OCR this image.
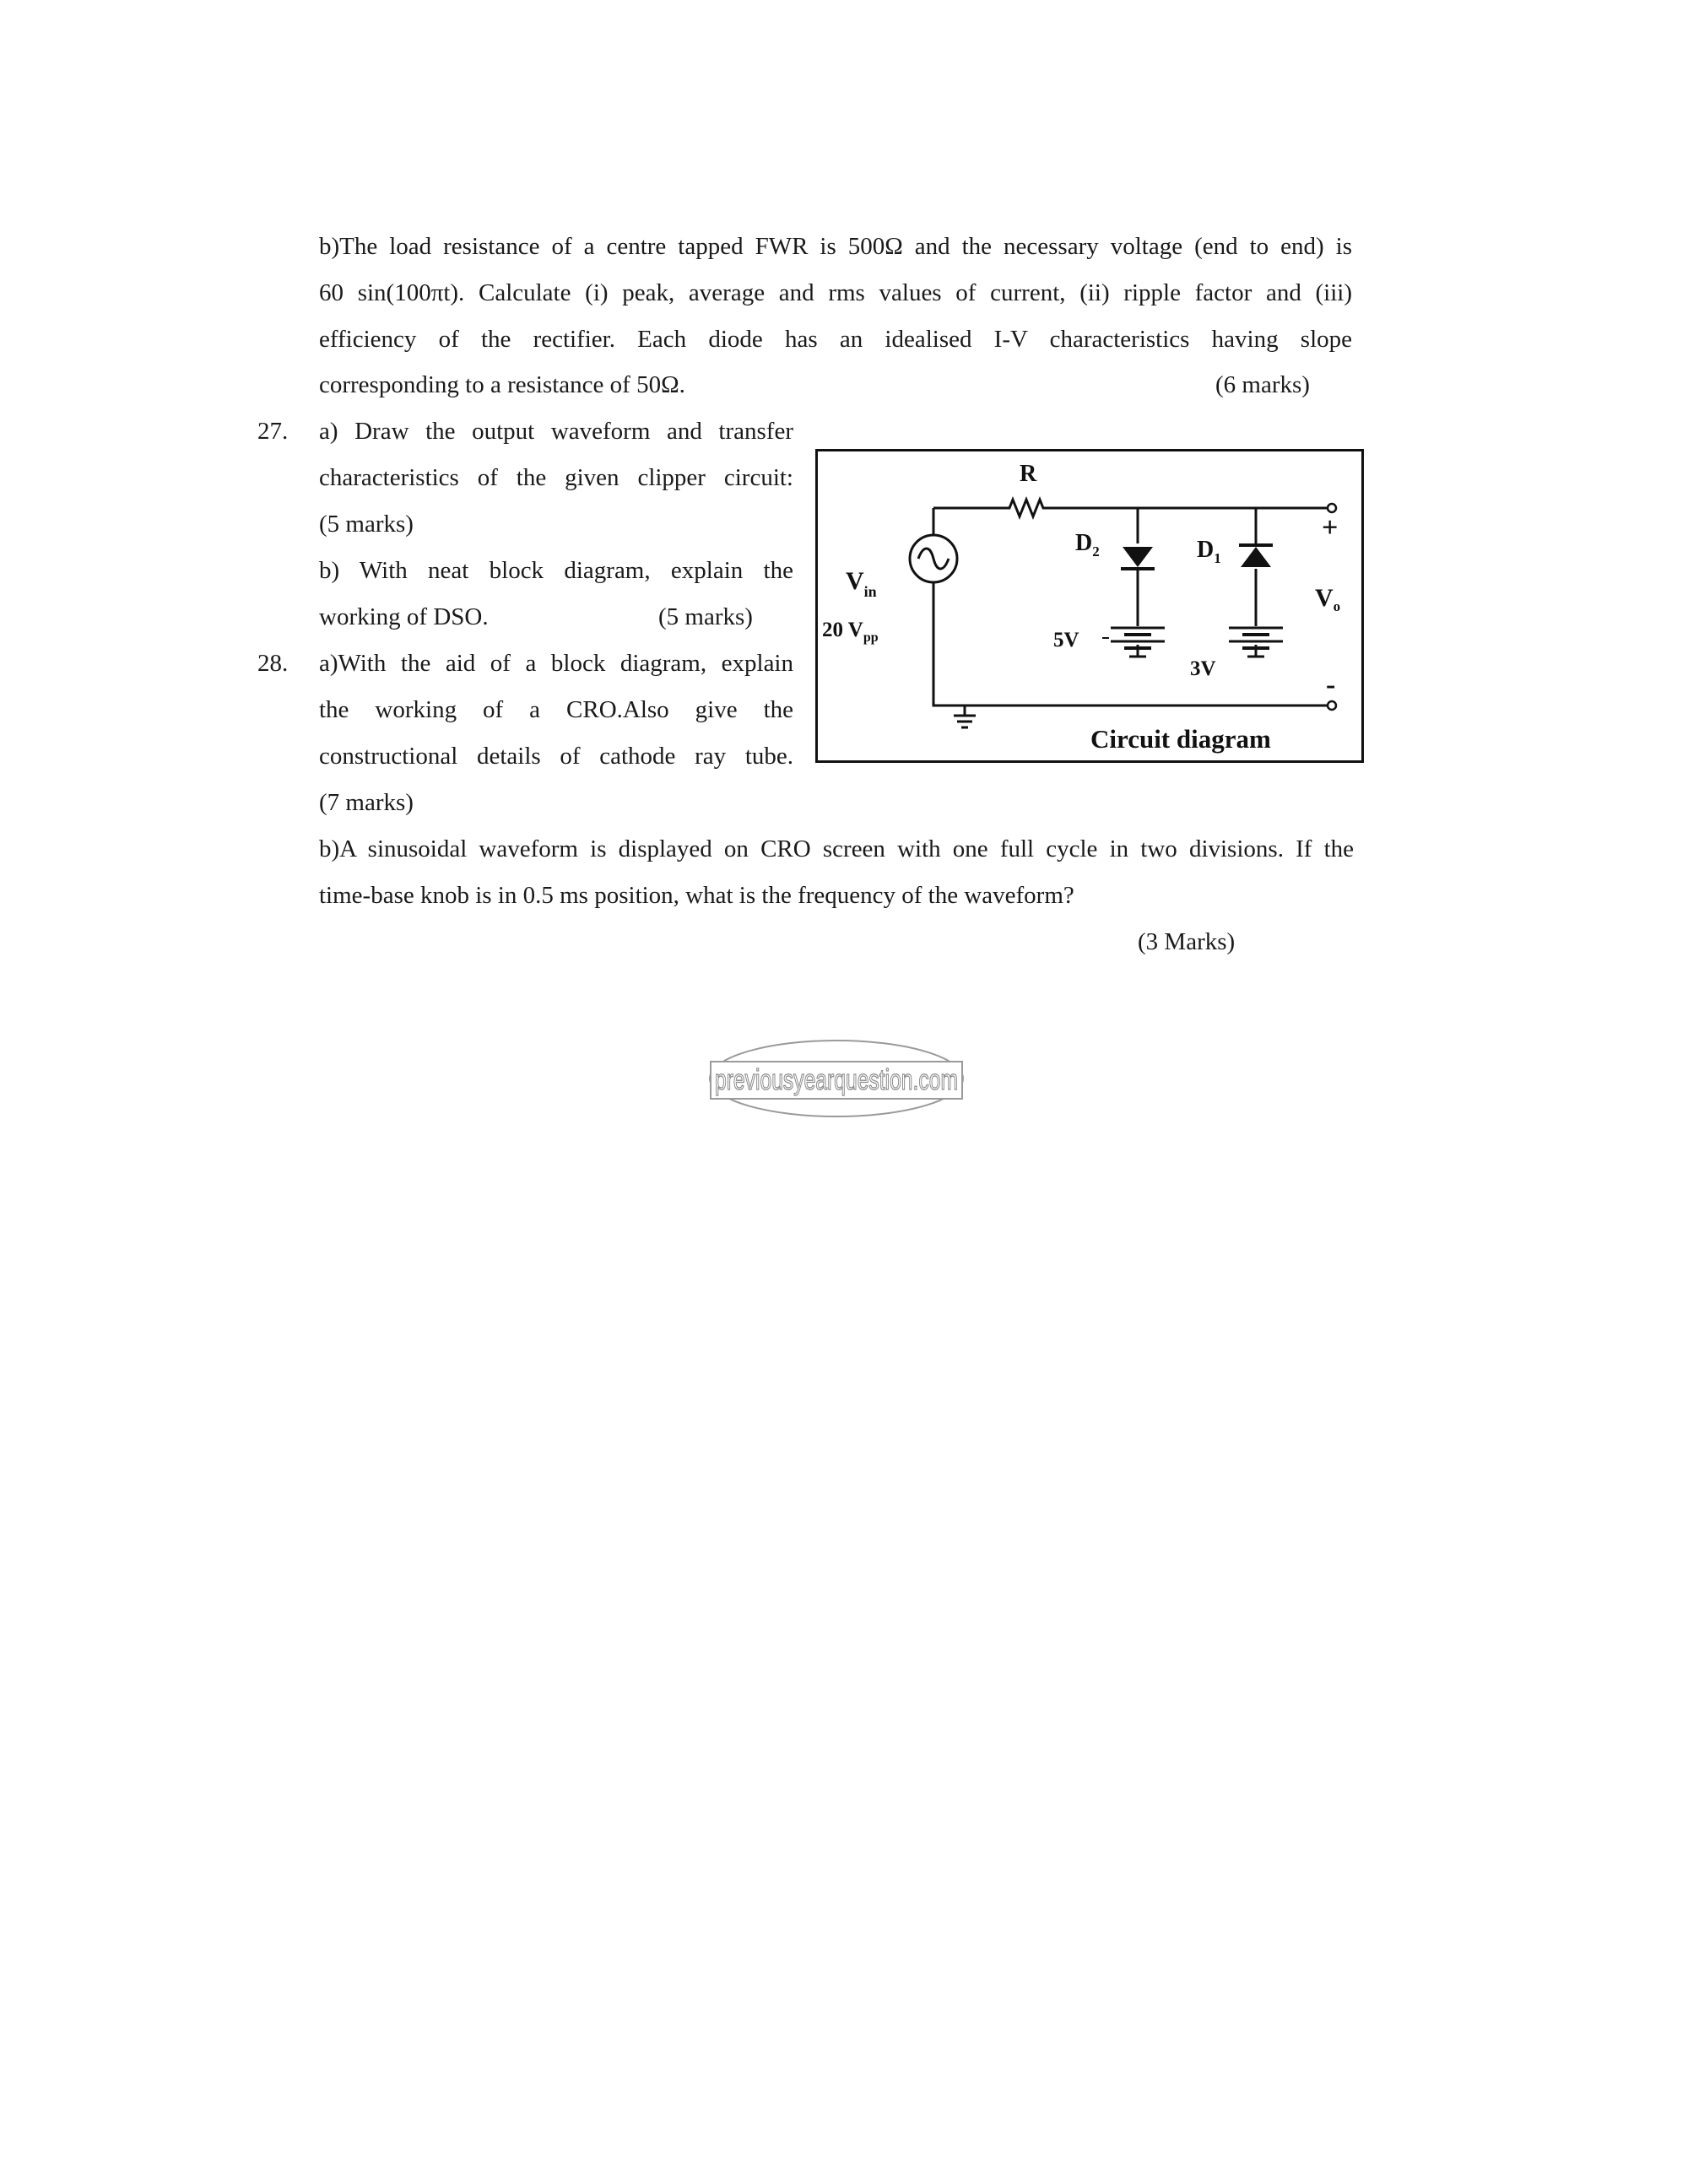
b)The load resistance of a centre tapped FWR is 500Ω and the necessary voltage (end to end) is
60 sin(100πt). Calculate (i) peak, average and rms values of current, (ii) ripple factor and (iii)
efficiency of the rectifier. Each diode has an idealised I-V characteristics having slope
corresponding to a resistance of 50Ω.	(6 marks)
27. a) Draw the output waveform and transfer
characteristics of the given clipper circuit:
(5 marks)
b) With neat block diagram, explain the
working of DSO.	(5 marks)
28. a)With the aid of a block diagram, explain
the working of a CRO.Also give the
constructional details of cathode ray tube.
(7 marks)
b)A sinusoidal waveform is displayed on CRO screen with one full cycle in two divisions. If the
time-base knob is in 0.5 ms position, what is the frequency of the waveform?
(3 Marks)
R
$D_2$	$D_1$
$V_{in}$
20 $V_{pp}$	5V
3V
+
-
$V_o$
Circuit diagram
previousyearquestion.com
